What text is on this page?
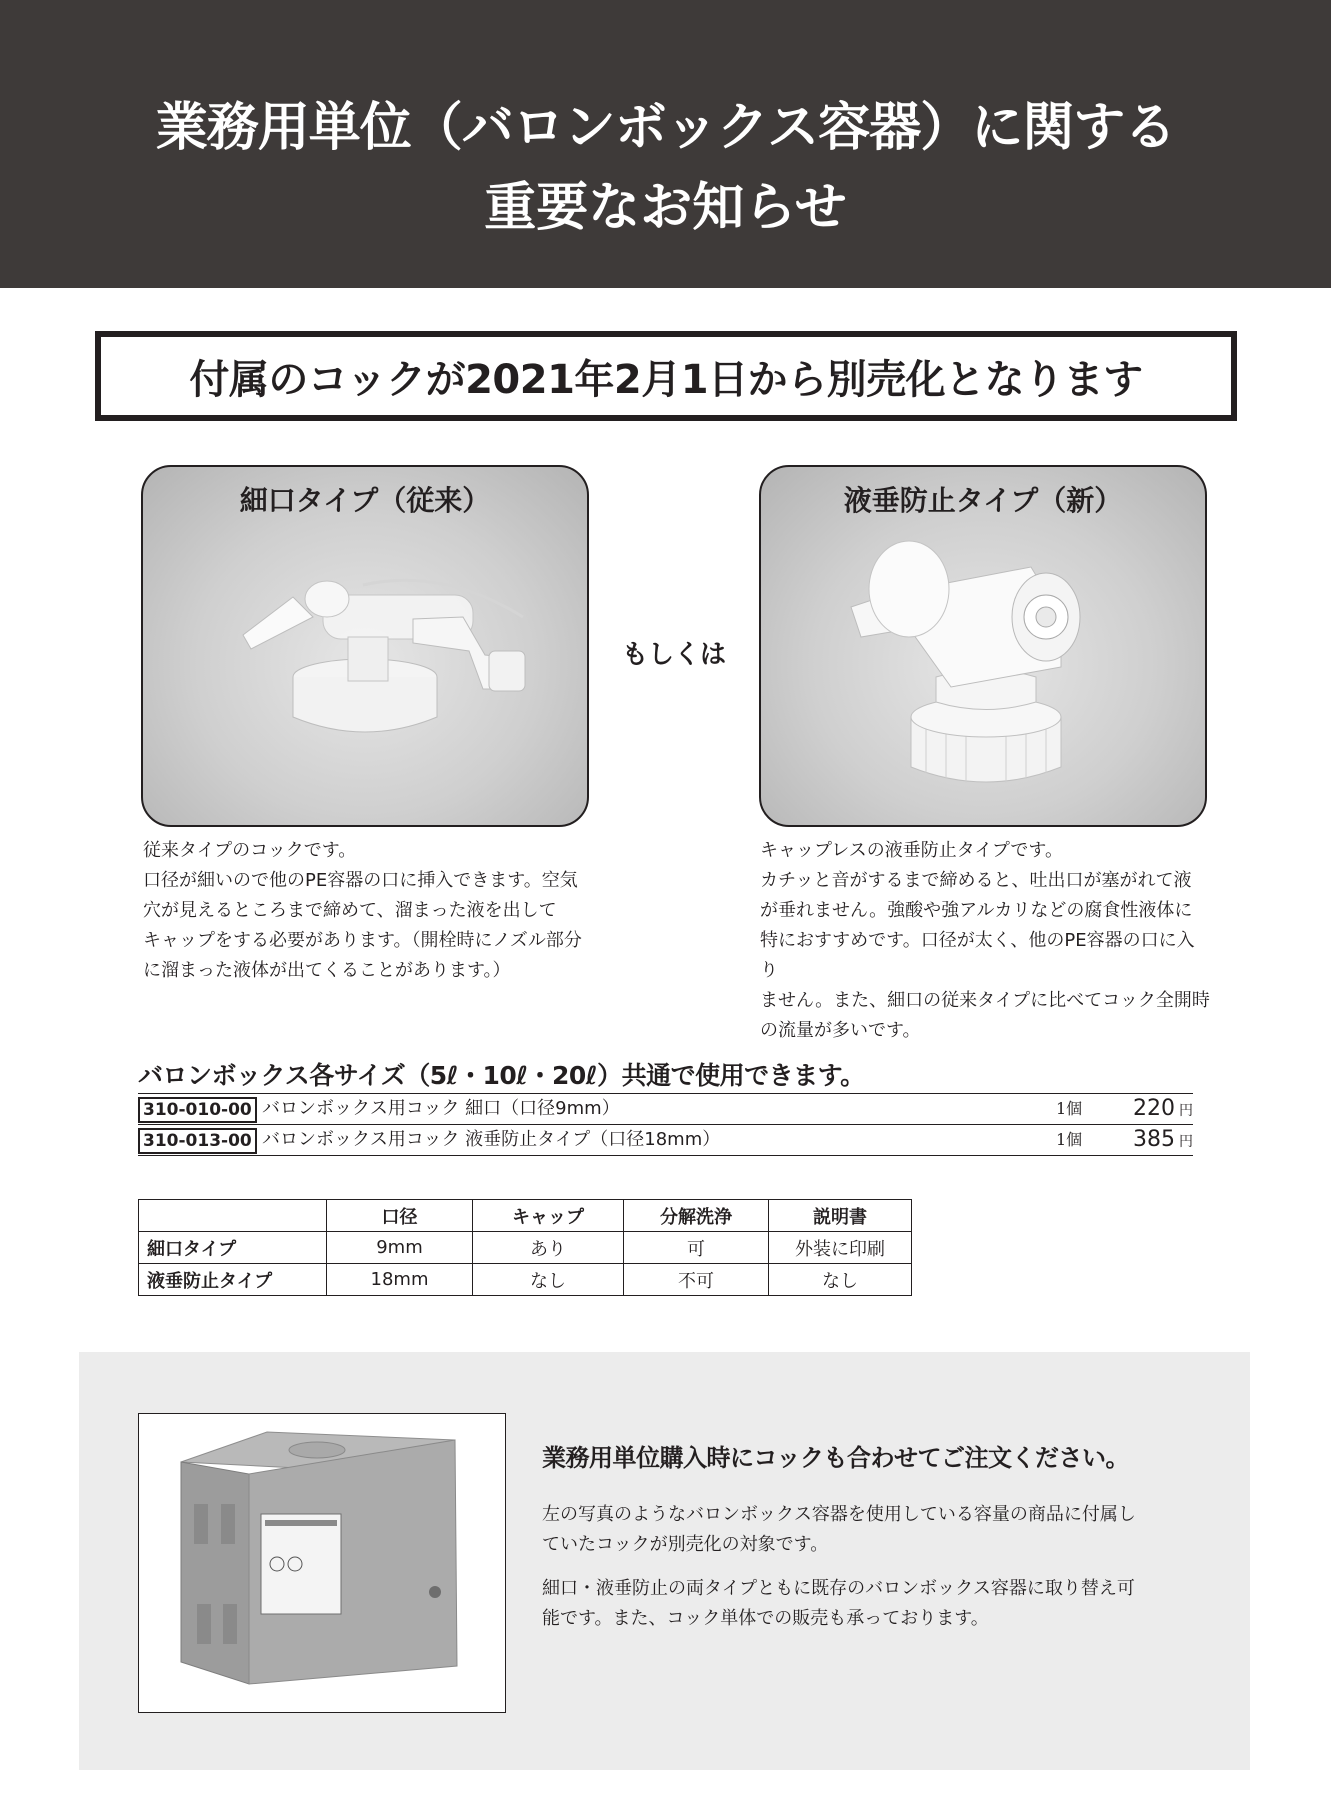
業務用単位（バロンボックス容器）に関する
重要なお知らせ
付属のコックが2021年2月1日から別売化となります
細口タイプ（従来）
もしくは
液垂防止タイプ（新）

従来タイプのコックです。

口径が細いので他のPE容器の口に挿入できます。空気

穴が見えるところまで締めて、溜まった液を出して

キャップをする必要があります。（開栓時にノズル部分

に溜まった液体が出てくることがあります。）

キャップレスの液垂防止タイプです。

カチッと音がするまで締めると、吐出口が塞がれて液

が垂れません。強酸や強アルカリなどの腐食性液体に

特におすすめです。口径が太く、他のPE容器の口に入り

ません。また、細口の従来タイプに比べてコック全開時

の流量が多いです。

バロンボックス各サイズ（5ℓ・10ℓ・20ℓ）共通で使用できます。
310-010-00 バロンボックス用コック 細口（口径9mm）	1個 220 円
310-013-00 バロンボックス用コック 液垂防止タイプ（口径18mm）	1個 385 円
	口径	キャップ	分解洗浄	説明書
細口タイプ	9mm	あり	可	外装に印刷
液垂防止タイプ	18mm	なし	不可	なし
業務用単位購入時にコックも合わせてご注文ください。

左の写真のようなバロンボックス容器を使用している容量の商品に付属し
ていたコックが別売化の対象です。

細口・液垂防止の両タイプともに既存のバロンボックス容器に取り替え可
能です。また、コック単体での販売も承っております。
